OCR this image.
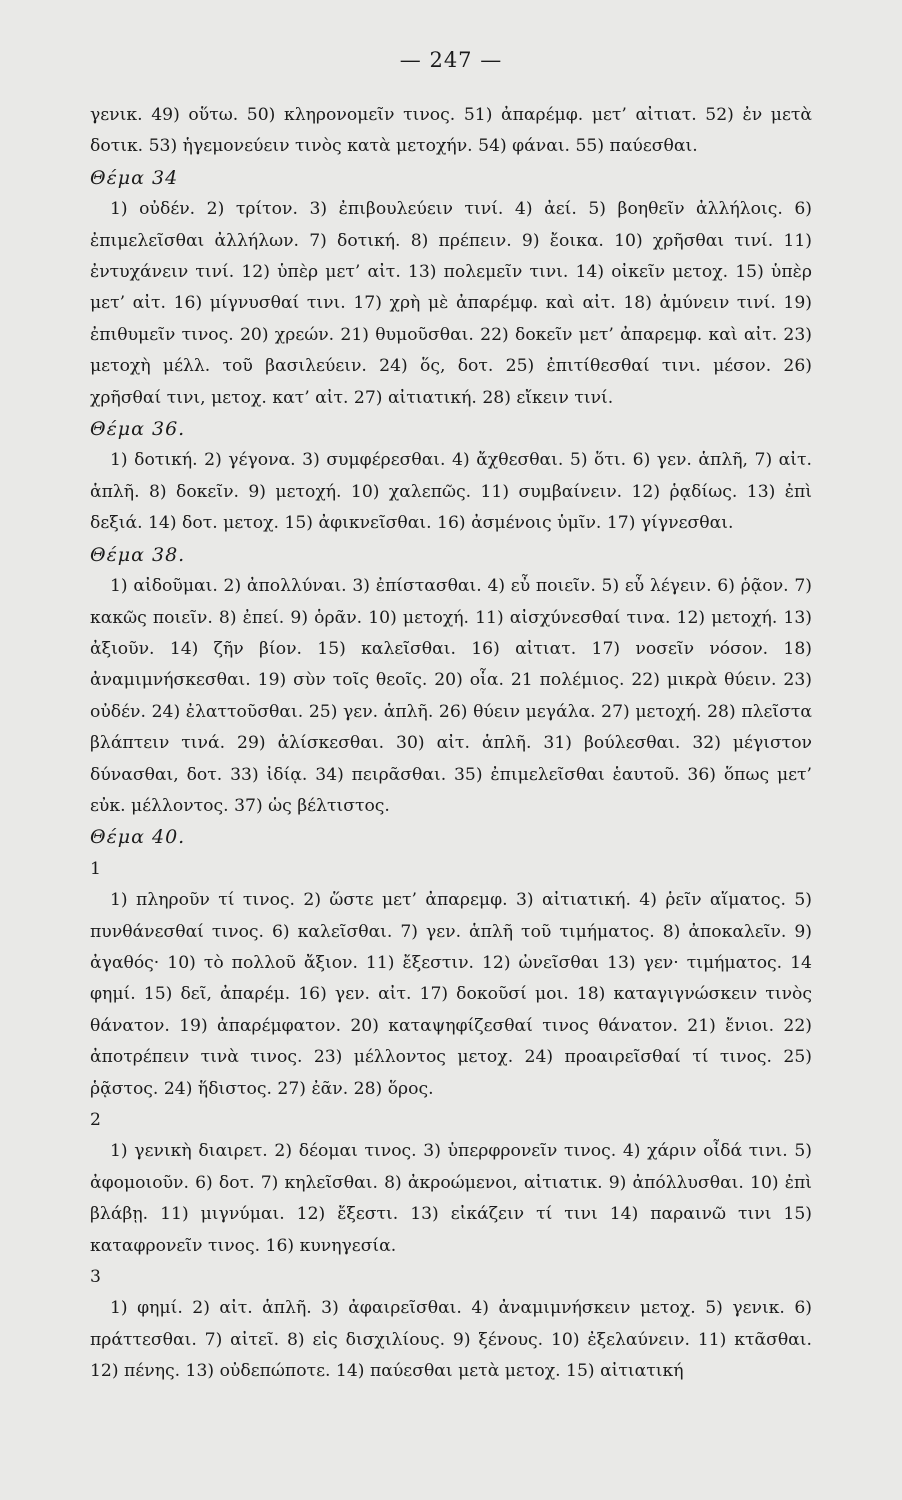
— 247 —

γενικ. 49) οὕτω. 50) κληρονομεῖν τινος. 51) ἀπαρέμφ. μετ’ αἰτιατ. 52) ἐν μετὰ δοτικ. 53) ἡγεμονεύειν τινὸς κατὰ μετοχήν. 54) φάναι. 55) παύεσθαι.

Θέμα 34

1) οὐδέν. 2) τρίτον. 3) ἐπιβουλεύειν τινί. 4) ἀεί. 5) βοηθεῖν ἀλλήλοις. 6) ἐπιμελεῖσθαι ἀλλήλων. 7) δοτική. 8) πρέπειν. 9) ἔοικα. 10) χρῆσθαι τινί. 11) ἐντυχάνειν τινί. 12) ὑπὲρ μετ’ αἰτ. 13) πολεμεῖν τινι. 14) οἰκεῖν μετοχ. 15) ὑπὲρ μετ’ αἰτ. 16) μίγνυσθαί τινι. 17) χρὴ μὲ ἀπαρέμφ. καὶ αἰτ. 18) ἀμύνειν τινί. 19) ἐπιθυμεῖν τινος. 20) χρεών. 21) θυμοῦσθαι. 22) δοκεῖν μετ’ ἀπαρεμφ. καὶ αἰτ. 23) μετοχὴ μέλλ. τοῦ βασιλεύειν. 24) ὅς, δοτ. 25) ἐπιτίθεσθαί τινι. μέσον. 26) χρῆσθαί τινι, μετοχ. κατ’ αἰτ. 27) αἰτιατική. 28) εἴκειν τινί.

Θέμα 36.

1) δοτική. 2) γέγονα. 3) συμφέρεσθαι. 4) ἄχθεσθαι. 5) ὅτι. 6) γεν. ἁπλῆ, 7) αἰτ. ἁπλῆ. 8) δοκεῖν. 9) μετοχή. 10) χαλεπῶς. 11) συμβαίνειν. 12) ῥᾳδίως. 13) ἐπὶ δεξιά. 14) δοτ. μετοχ. 15) ἀφικνεῖσθαι. 16) ἀσμένοις ὑμῖν. 17) γίγνεσθαι.

Θέμα 38.

1) αἰδοῦμαι. 2) ἀπολλύναι. 3) ἐπίστασθαι. 4) εὖ ποιεῖν. 5) εὖ λέγειν. 6) ῥᾷον. 7) κακῶς ποιεῖν. 8) ἐπεί. 9) ὁρᾶν. 10) μετοχή. 11) αἰσχύνεσθαί τινα. 12) μετοχή. 13) ἀξιοῦν. 14) ζῆν βίον. 15) καλεῖσθαι. 16) αἰτιατ. 17) νοσεῖν νόσον. 18) ἀναμιμνήσκεσθαι. 19) σὺν τοῖς θεοῖς. 20) οἷα. 21 πολέμιος. 22) μικρὰ θύειν. 23) οὐδέν. 24) ἐλαττοῦσθαι. 25) γεν. ἁπλῆ. 26) θύειν μεγάλα. 27) μετοχή. 28) πλεῖστα βλάπτειν τινά. 29) ἁλίσκεσθαι. 30) αἰτ. ἁπλῆ. 31) βούλεσθαι. 32) μέγιστον δύνασθαι, δοτ. 33) ἰδίᾳ. 34) πειρᾶσθαι. 35) ἐπιμελεῖσθαι ἑαυτοῦ. 36) ὅπως μετ’ εὐκ. μέλλοντος. 37) ὡς βέλτιστος.

Θέμα 40.

1

1) πληροῦν τί τινος. 2) ὥστε μετ’ ἀπαρεμφ. 3) αἰτιατική. 4) ῥεῖν αἵματος. 5) πυνθάνεσθαί τινος. 6) καλεῖσθαι. 7) γεν. ἁπλῆ τοῦ τιμήματος. 8) ἀποκαλεῖν. 9) ἀγαθός· 10) τὸ πολλοῦ ἄξιον. 11) ἔξεστιν. 12) ὠνεῖσθαι 13) γεν· τιμήματος. 14 φημί. 15) δεῖ, ἀπαρέμ. 16) γεν. αἰτ. 17) δοκοῦσί μοι. 18) καταγιγνώσκειν τινὸς θάνατον. 19) ἀπαρέμφατον. 20) καταψηφίζεσθαί τινος θάνατον. 21) ἔνιοι. 22) ἀποτρέπειν τινὰ τινος. 23) μέλλοντος μετοχ. 24) προαιρεῖσθαί τί τινος. 25) ῥᾷστος. 24) ἥδιστος. 27) ἐᾶν. 28) ὅρος.

2

1) γενικὴ διαιρετ. 2) δέομαι τινος. 3) ὑπερφρονεῖν τινος. 4) χάριν οἶδά τινι. 5) ἀφομοιοῦν. 6) δοτ. 7) κηλεῖσθαι. 8) ἀκροώμενοι, αἰτιατικ. 9) ἀπόλλυσθαι. 10) ἐπὶ βλάβῃ. 11) μιγνύμαι. 12) ἔξεστι. 13) εἰκάζειν τί τινι 14) παραινῶ τινι 15) καταφρονεῖν τινος. 16) κυνηγεσία.

3

1) φημί. 2) αἰτ. ἁπλῆ. 3) ἀφαιρεῖσθαι. 4) ἀναμιμνήσκειν μετοχ. 5) γενικ. 6) πράττεσθαι. 7) αἰτεῖ. 8) εἰς δισχιλίους. 9) ξένους. 10) ἐξελαύνειν. 11) κτᾶσθαι. 12) πένης. 13) οὐδεπώποτε. 14) παύεσθαι μετὰ μετοχ. 15) αἰτιατική
